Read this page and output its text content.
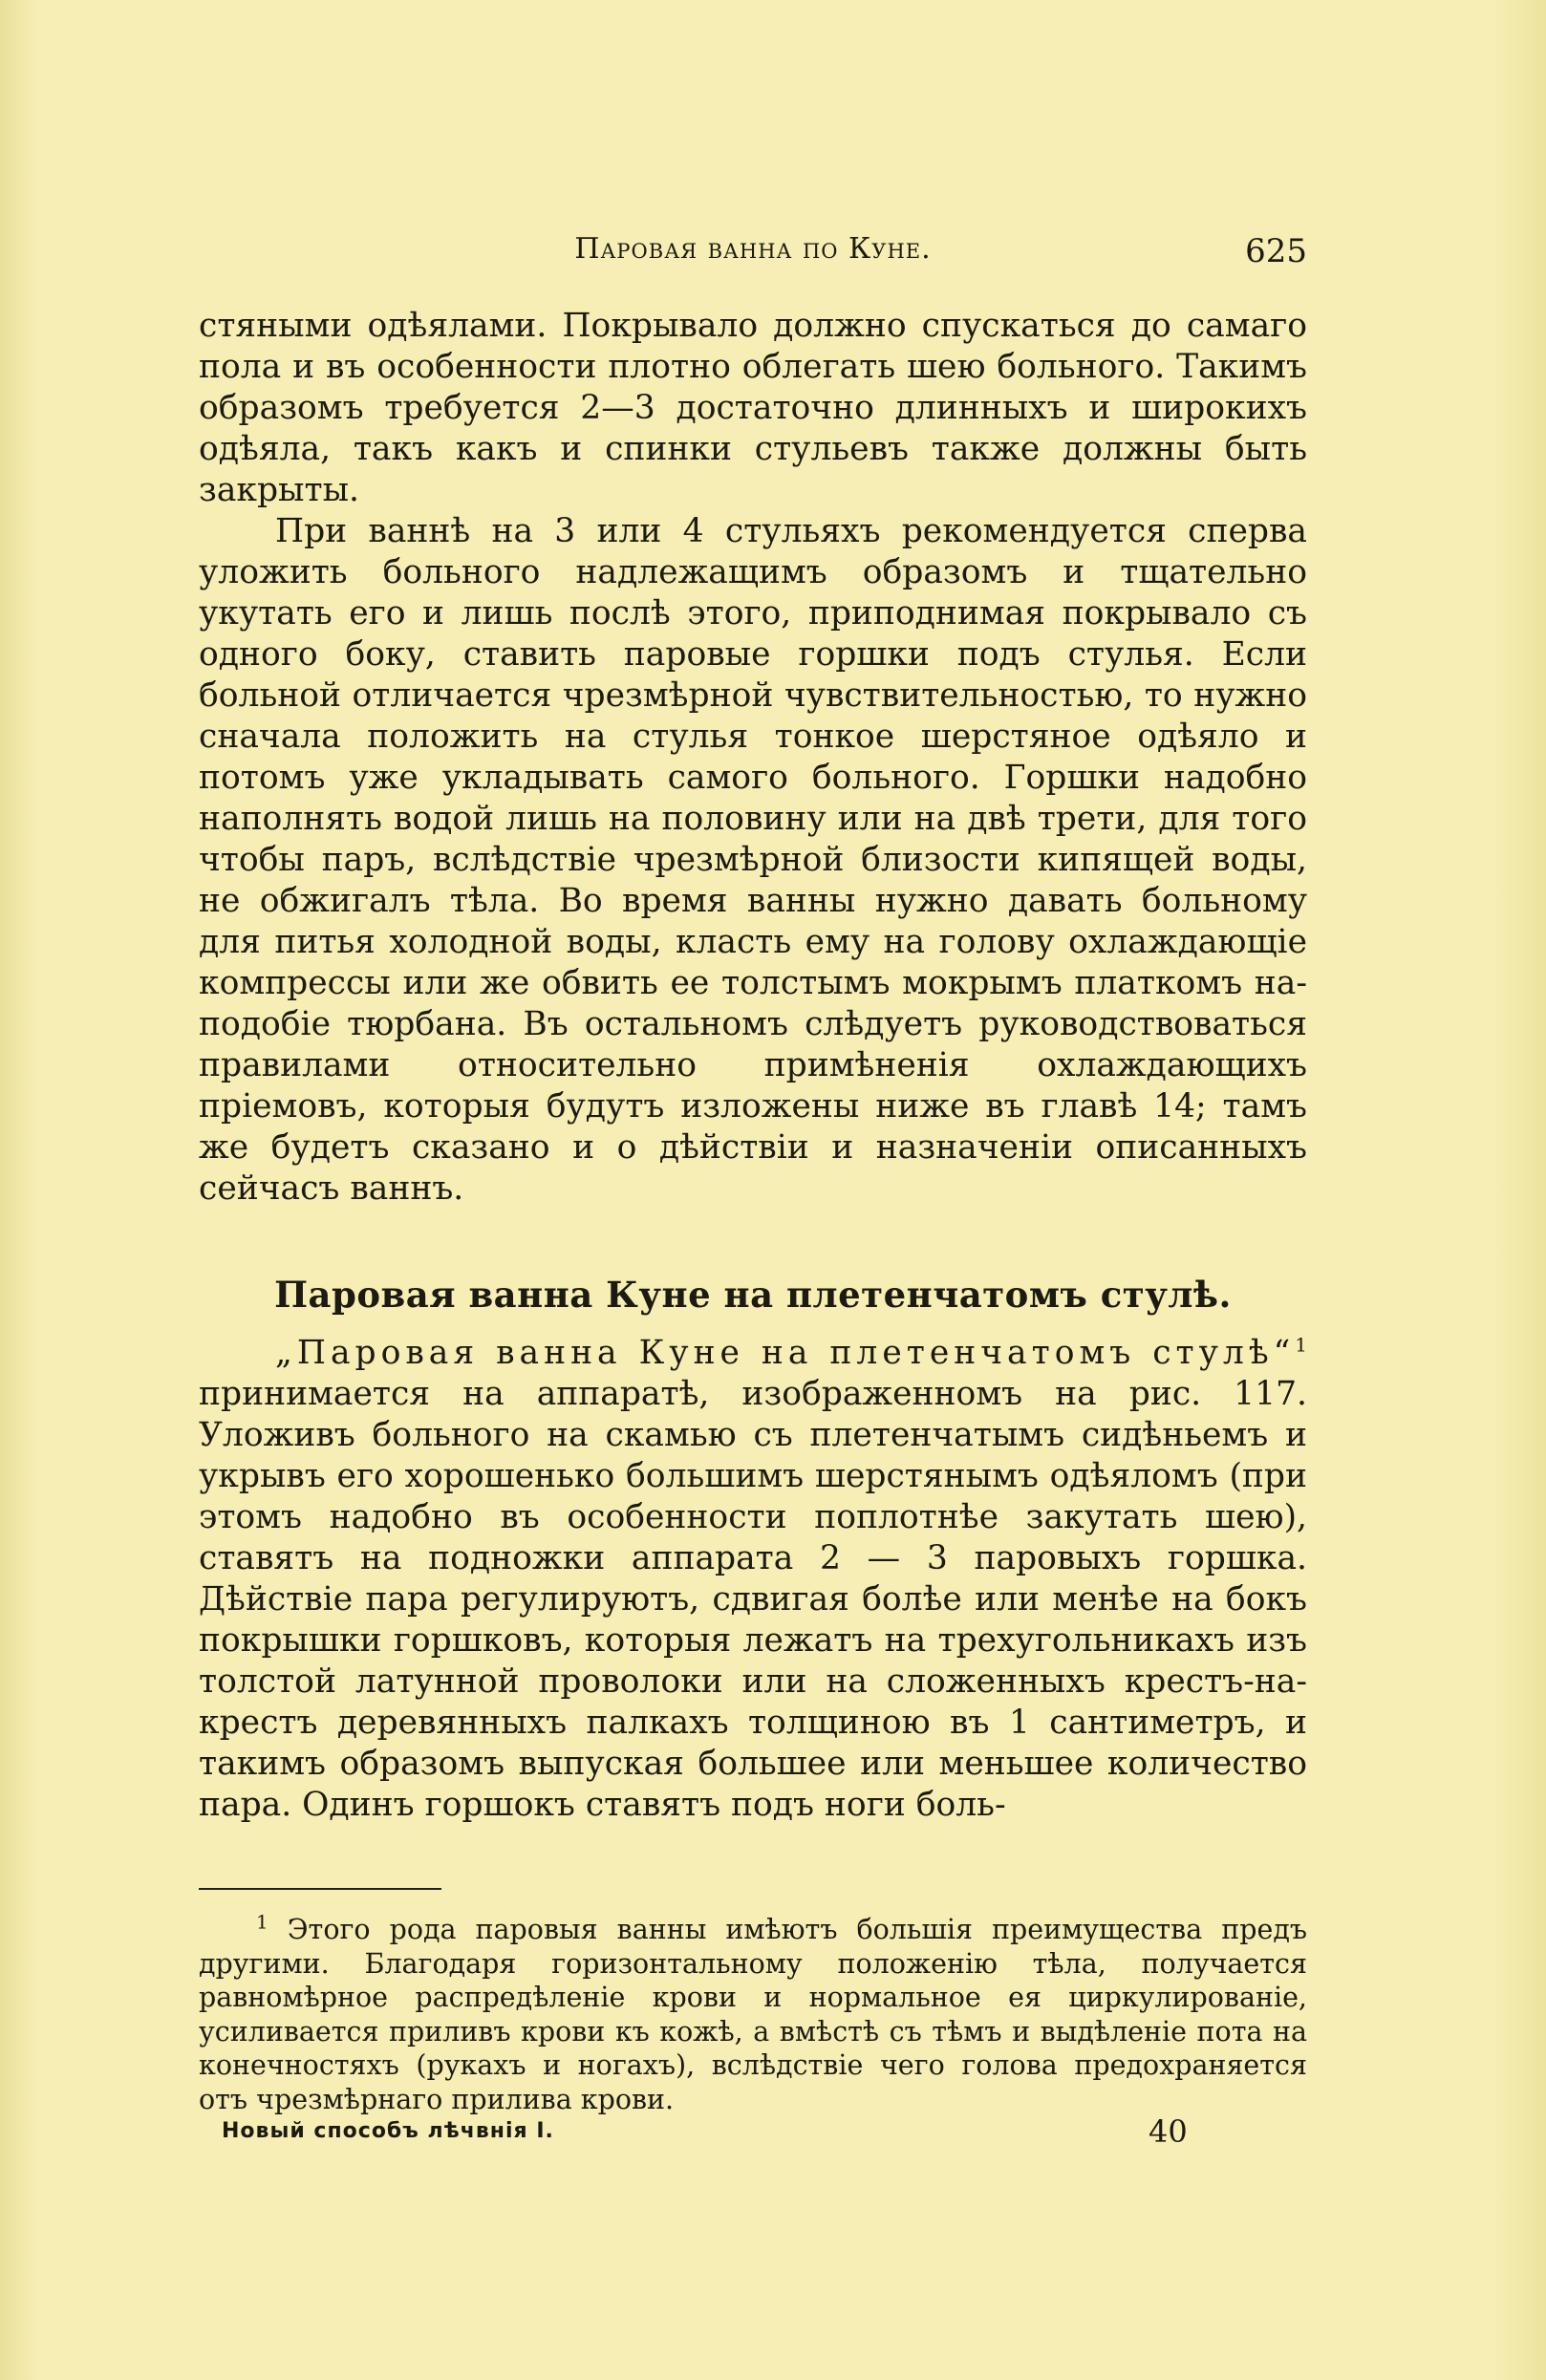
Паровая ванна по Куне.	625

стяными одѣялами. Покрывало должно спускаться до самаго пола и въ особенности плотно облегать шею больного. Такимъ образомъ требуется 2—3 достаточно длинныхъ и широкихъ одѣяла, такъ какъ и спинки стульевъ также должны быть закрыты.

При ваннѣ на 3 или 4 стульяхъ рекомендуется сперва уложить больного надлежащимъ образомъ и тщательно укутать его и лишь послѣ этого, приподнимая покрывало съ одного боку, ставить паровые горшки подъ стулья. Если больной отличается чрезмѣрной чувствительностью, то нужно сначала положить на стулья тонкое шерстяное одѣяло и потомъ уже укладывать самого больного. Горшки надобно наполнять водой лишь на половину или на двѣ трети, для того чтобы паръ, вслѣдствіе чрезмѣрной близости кипящей воды, не обжигалъ тѣла. Во время ванны нужно давать больному для питья холодной воды, класть ему на голову охлаждающіе компрессы или же обвить ее толстымъ мокрымъ платкомъ на-подобіе тюрбана. Въ остальномъ слѣдуетъ руководствоваться правилами относительно примѣненія охлаждающихъ пріемовъ, которыя будутъ изложены ниже въ главѣ 14; тамъ же будетъ сказано и о дѣйствіи и назначеніи описанныхъ сейчасъ ваннъ.

Паровая ванна Куне на плетенчатомъ стулѣ.

„Паровая ванна Куне на плетенчатомъ стулѣ“$^1$ принимается на аппаратѣ, изображенномъ на рис. 117. Уложивъ больного на скамью съ плетенчатымъ сидѣньемъ и укрывъ его хорошенько большимъ шерстянымъ одѣяломъ (при этомъ надобно въ особенности поплотнѣе закутать шею), ставятъ на подножки аппарата 2 — 3 паровыхъ горшка. Дѣйствіе пара регулируютъ, сдвигая болѣе или менѣе на бокъ покрышки горшковъ, которыя лежатъ на трехугольникахъ изъ толстой латунной проволоки или на сложенныхъ крестъ-на-крестъ деревянныхъ палкахъ толщиною въ 1 сантиметръ, и такимъ образомъ выпуская большее или меньшее количество пара. Одинъ горшокъ ставятъ подъ ноги боль-

$^1$ Этого рода паровыя ванны имѣютъ большія преимущества предъ другими. Благодаря горизонтальному положенію тѣла, получается равномѣрное распредѣленіе крови и нормальное ея циркулированіе, усиливается приливъ крови къ кожѣ, а вмѣстѣ съ тѣмъ и выдѣленіе пота на конечностяхъ (рукахъ и ногахъ), вслѣдствіе чего голова предохраняется отъ чрезмѣрнаго прилива крови.

Новый способъ лѣчвнія I.	40
